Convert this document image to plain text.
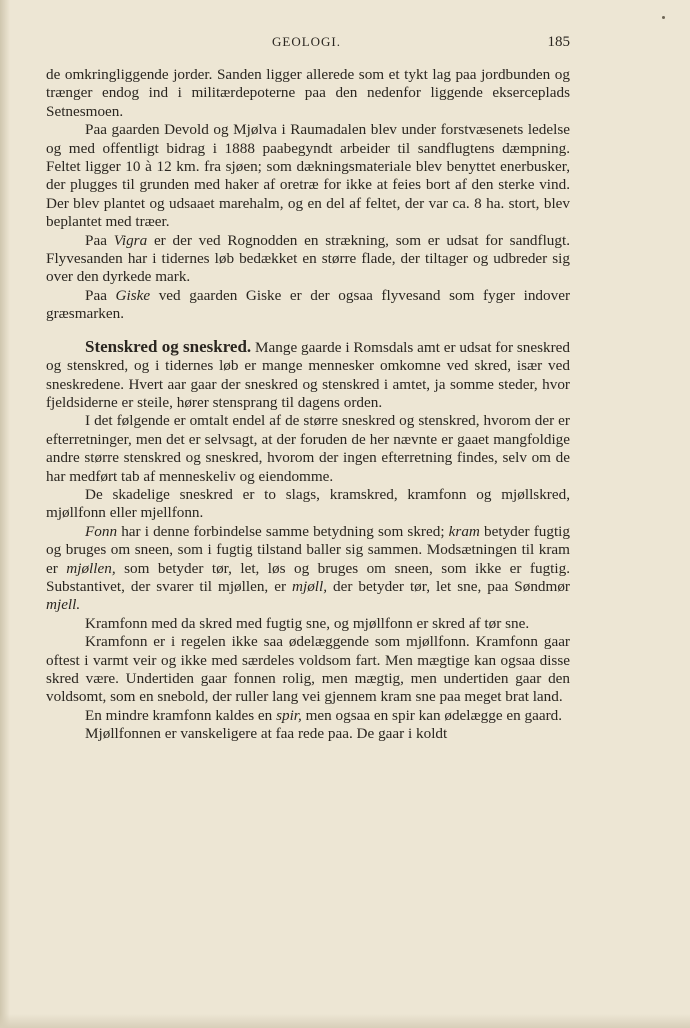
GEOLOGI.	185

de omkringliggende jorder. Sanden ligger allerede som et tykt lag paa jordbunden og trænger endog ind i militærdepoterne paa den nedenfor liggende ekserceplads Setnesmoen.

Paa gaarden Devold og Mjølva i Raumadalen blev under forstvæsenets ledelse og med offentligt bidrag i 1888 paabegyndt arbeider til sandflugtens dæmpning. Feltet ligger 10 à 12 km. fra sjøen; som dækningsmateriale blev benyttet enerbusker, der plugges til grunden med haker af oretræ for ikke at feies bort af den sterke vind. Der blev plantet og udsaaet marehalm, og en del af feltet, der var ca. 8 ha. stort, blev beplantet med træer.

Paa Vigra er der ved Rognodden en strækning, som er udsat for sandflugt. Flyvesanden har i tidernes løb bedækket en større flade, der tiltager og udbreder sig over den dyrkede mark.

Paa Giske ved gaarden Giske er der ogsaa flyvesand som fyger indover græsmarken.

Stenskred og sneskred. Mange gaarde i Romsdals amt er udsat for sneskred og stenskred, og i tidernes løb er mange mennesker omkomne ved skred, især ved sneskredene. Hvert aar gaar der sneskred og stenskred i amtet, ja somme steder, hvor fjeldsiderne er steile, hører stensprang til dagens orden.

I det følgende er omtalt endel af de større sneskred og stenskred, hvorom der er efterretninger, men det er selvsagt, at der foruden de her nævnte er gaaet mangfoldige andre større stenskred og sneskred, hvorom der ingen efterretning findes, selv om de har medført tab af menneskeliv og eiendomme.

De skadelige sneskred er to slags, kramskred, kramfonn og mjøllskred, mjøllfonn eller mjellfonn.

Fonn har i denne forbindelse samme betydning som skred; kram betyder fugtig og bruges om sneen, som i fugtig tilstand baller sig sammen. Modsætningen til kram er mjøllen, som betyder tør, let, løs og bruges om sneen, som ikke er fugtig. Substantivet, der svarer til mjøllen, er mjøll, der betyder tør, let sne, paa Søndmør mjell.

Kramfonn med da skred med fugtig sne, og mjøllfonn er skred af tør sne.

Kramfonn er i regelen ikke saa ødelæggende som mjøllfonn. Kramfonn gaar oftest i varmt veir og ikke med særdeles voldsom fart. Men mægtige kan ogsaa disse skred være. Undertiden gaar fonnen rolig, men mægtig, men undertiden gaar den voldsomt, som en snebold, der ruller lang vei gjennem kram sne paa meget brat land.

En mindre kramfonn kaldes en spir, men ogsaa en spir kan ødelægge en gaard.

Mjøllfonnen er vanskeligere at faa rede paa. De gaar i koldt
